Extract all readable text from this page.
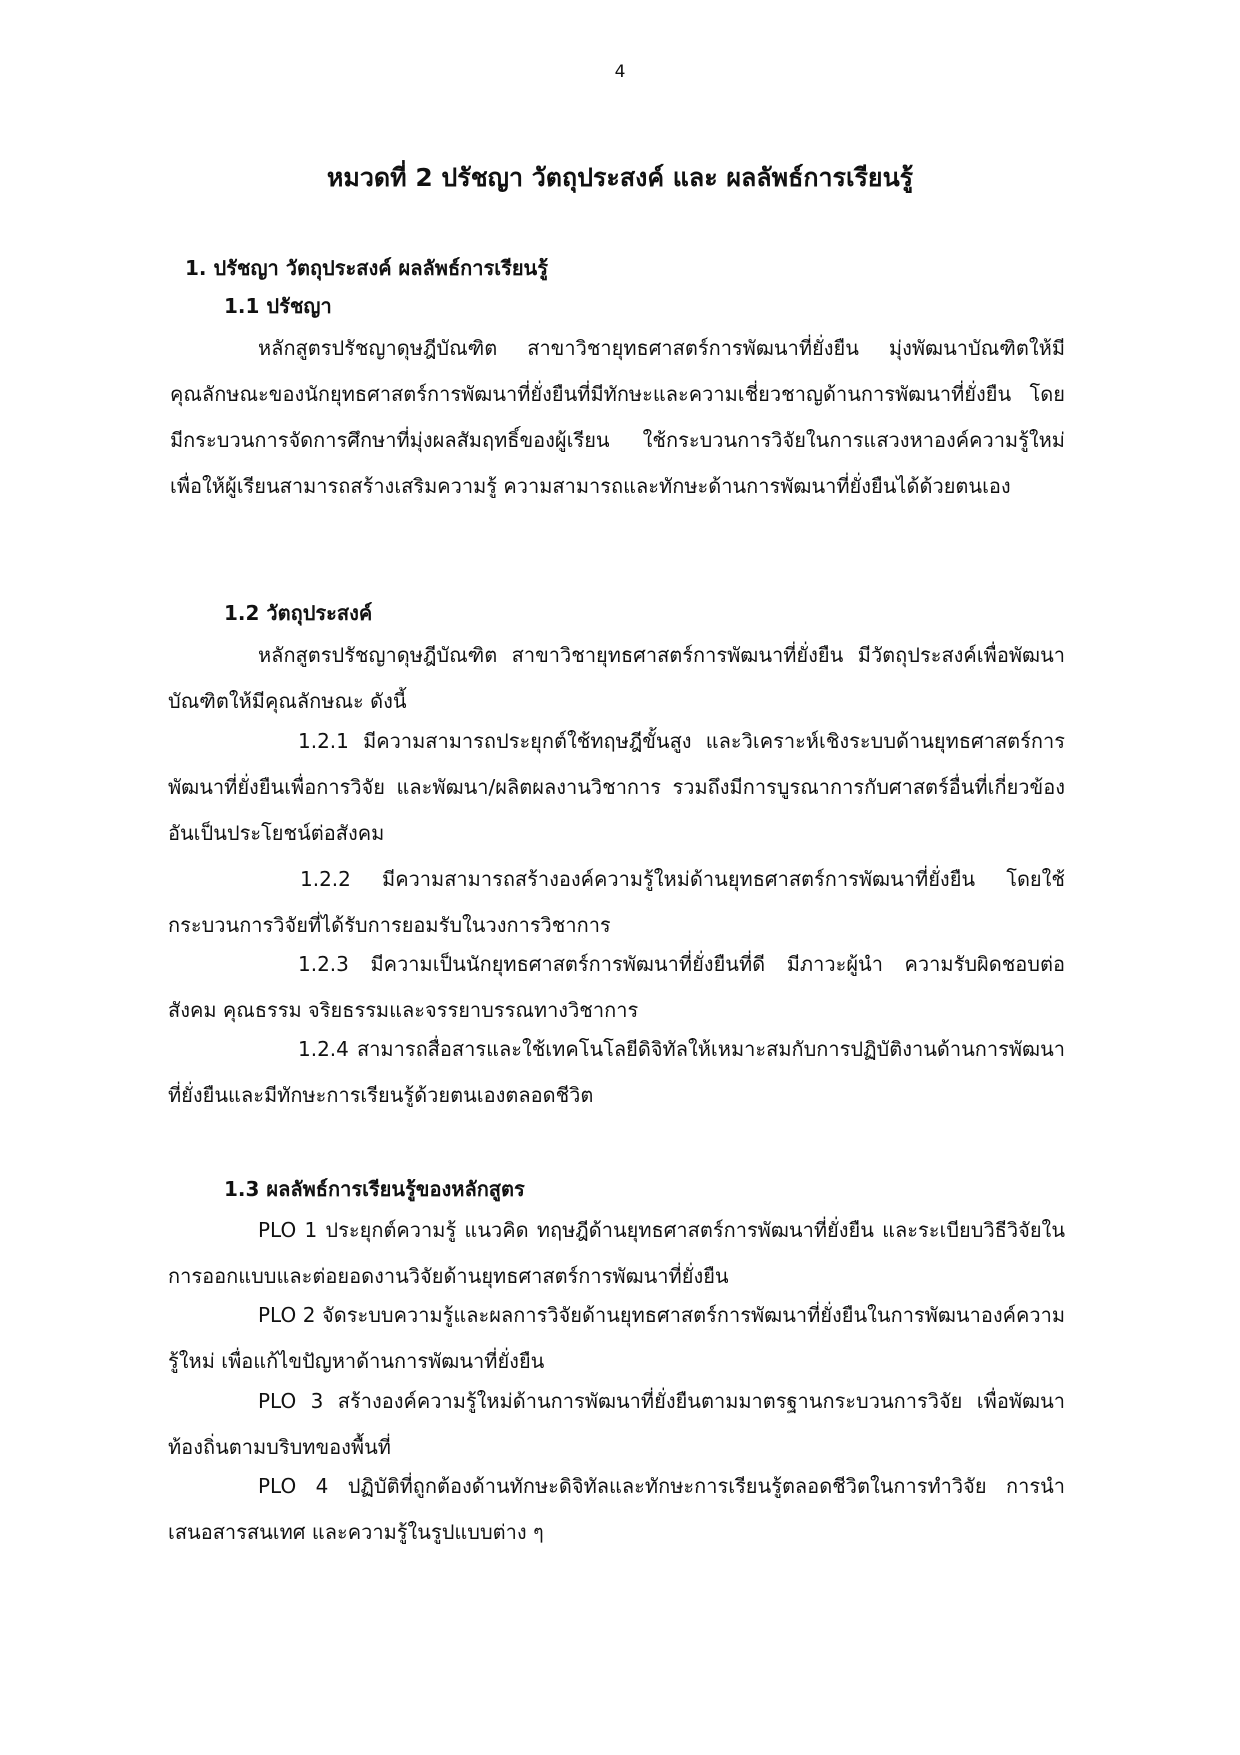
4
หมวดที่ 2 ปรัชญา วัตถุประสงค์ และ ผลลัพธ์การเรียนรู้
1. ปรัชญา วัตถุประสงค์ ผลลัพธ์การเรียนรู้
1.1 ปรัชญา
หลักสูตรปรัชญาดุษฎีบัณฑิต สาขาวิชายุทธศาสตร์การพัฒนาที่ยั่งยืน มุ่งพัฒนาบัณฑิตให้มีคุณลักษณะของนักยุทธศาสตร์การพัฒนาที่ยั่งยืนที่มีทักษะและความเชี่ยวชาญด้านการพัฒนาที่ยั่งยืน โดยมีกระบวนการจัดการศึกษาที่มุ่งผลสัมฤทธิ์ของผู้เรียน ใช้กระบวนการวิจัยในการแสวงหาองค์ความรู้ใหม่ เพื่อให้ผู้เรียนสามารถสร้างเสริมความรู้ ความสามารถและทักษะด้านการพัฒนาที่ยั่งยืนได้ด้วยตนเอง
1.2 วัตถุประสงค์
หลักสูตรปรัชญาดุษฎีบัณฑิต สาขาวิชายุทธศาสตร์การพัฒนาที่ยั่งยืน มีวัตถุประสงค์เพื่อพัฒนาบัณฑิตให้มีคุณลักษณะ ดังนี้
1.2.1 มีความสามารถประยุกต์ใช้ทฤษฎีขั้นสูง และวิเคราะห์เชิงระบบด้านยุทธศาสตร์การพัฒนาที่ยั่งยืนเพื่อการวิจัย และพัฒนา/ผลิตผลงานวิชาการ รวมถึงมีการบูรณาการกับศาสตร์อื่นที่เกี่ยวข้องอันเป็นประโยชน์ต่อสังคม
1.2.2 มีความสามารถสร้างองค์ความรู้ใหม่ด้านยุทธศาสตร์การพัฒนาที่ยั่งยืน โดยใช้กระบวนการวิจัยที่ได้รับการยอมรับในวงการวิชาการ
1.2.3 มีความเป็นนักยุทธศาสตร์การพัฒนาที่ยั่งยืนที่ดี มีภาวะผู้นำ ความรับผิดชอบต่อสังคม คุณธรรม จริยธรรมและจรรยาบรรณทางวิชาการ
1.2.4 สามารถสื่อสารและใช้เทคโนโลยีดิจิทัลให้เหมาะสมกับการปฏิบัติงานด้านการพัฒนาที่ยั่งยืนและมีทักษะการเรียนรู้ด้วยตนเองตลอดชีวิต
1.3 ผลลัพธ์การเรียนรู้ของหลักสูตร
PLO 1 ประยุกต์ความรู้ แนวคิด ทฤษฎีด้านยุทธศาสตร์การพัฒนาที่ยั่งยืน และระเบียบวิธีวิจัยในการออกแบบและต่อยอดงานวิจัยด้านยุทธศาสตร์การพัฒนาที่ยั่งยืน
PLO 2 จัดระบบความรู้และผลการวิจัยด้านยุทธศาสตร์การพัฒนาที่ยั่งยืนในการพัฒนาองค์ความรู้ใหม่ เพื่อแก้ไขปัญหาด้านการพัฒนาที่ยั่งยืน
PLO 3 สร้างองค์ความรู้ใหม่ด้านการพัฒนาที่ยั่งยืนตามมาตรฐานกระบวนการวิจัย เพื่อพัฒนาท้องถิ่นตามบริบทของพื้นที่
PLO 4 ปฏิบัติที่ถูกต้องด้านทักษะดิจิทัลและทักษะการเรียนรู้ตลอดชีวิตในการทำวิจัย การนำเสนอสารสนเทศ และความรู้ในรูปแบบต่าง ๆ
